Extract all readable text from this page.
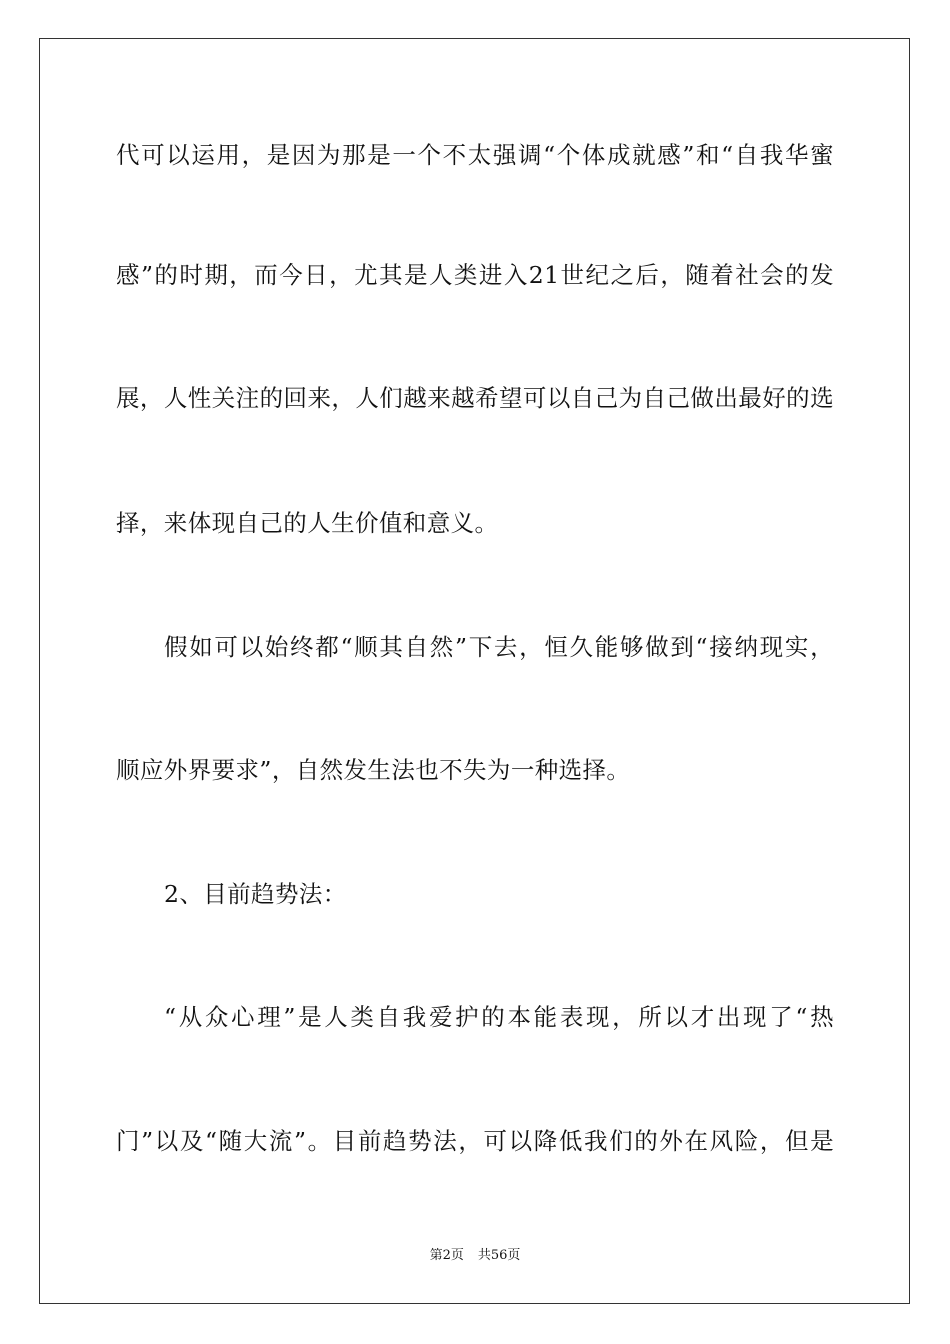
代可以运用，是因为那是一个不太强调“个体成就感”和“自我华蜜
感”的时期，而今日，尤其是人类进入21世纪之后，随着社会的发
展，人性关注的回来，人们越来越希望可以自己为自己做出最好的选
择，来体现自己的人生价值和意义。
假如可以始终都“顺其自然”下去，恒久能够做到“接纳现实，
顺应外界要求”，自然发生法也不失为一种选择。
2、目前趋势法：
“从众心理”是人类自我爱护的本能表现，所以才出现了“热
门”以及“随大流”。目前趋势法，可以降低我们的外在风险，但是
第2页 共56页
